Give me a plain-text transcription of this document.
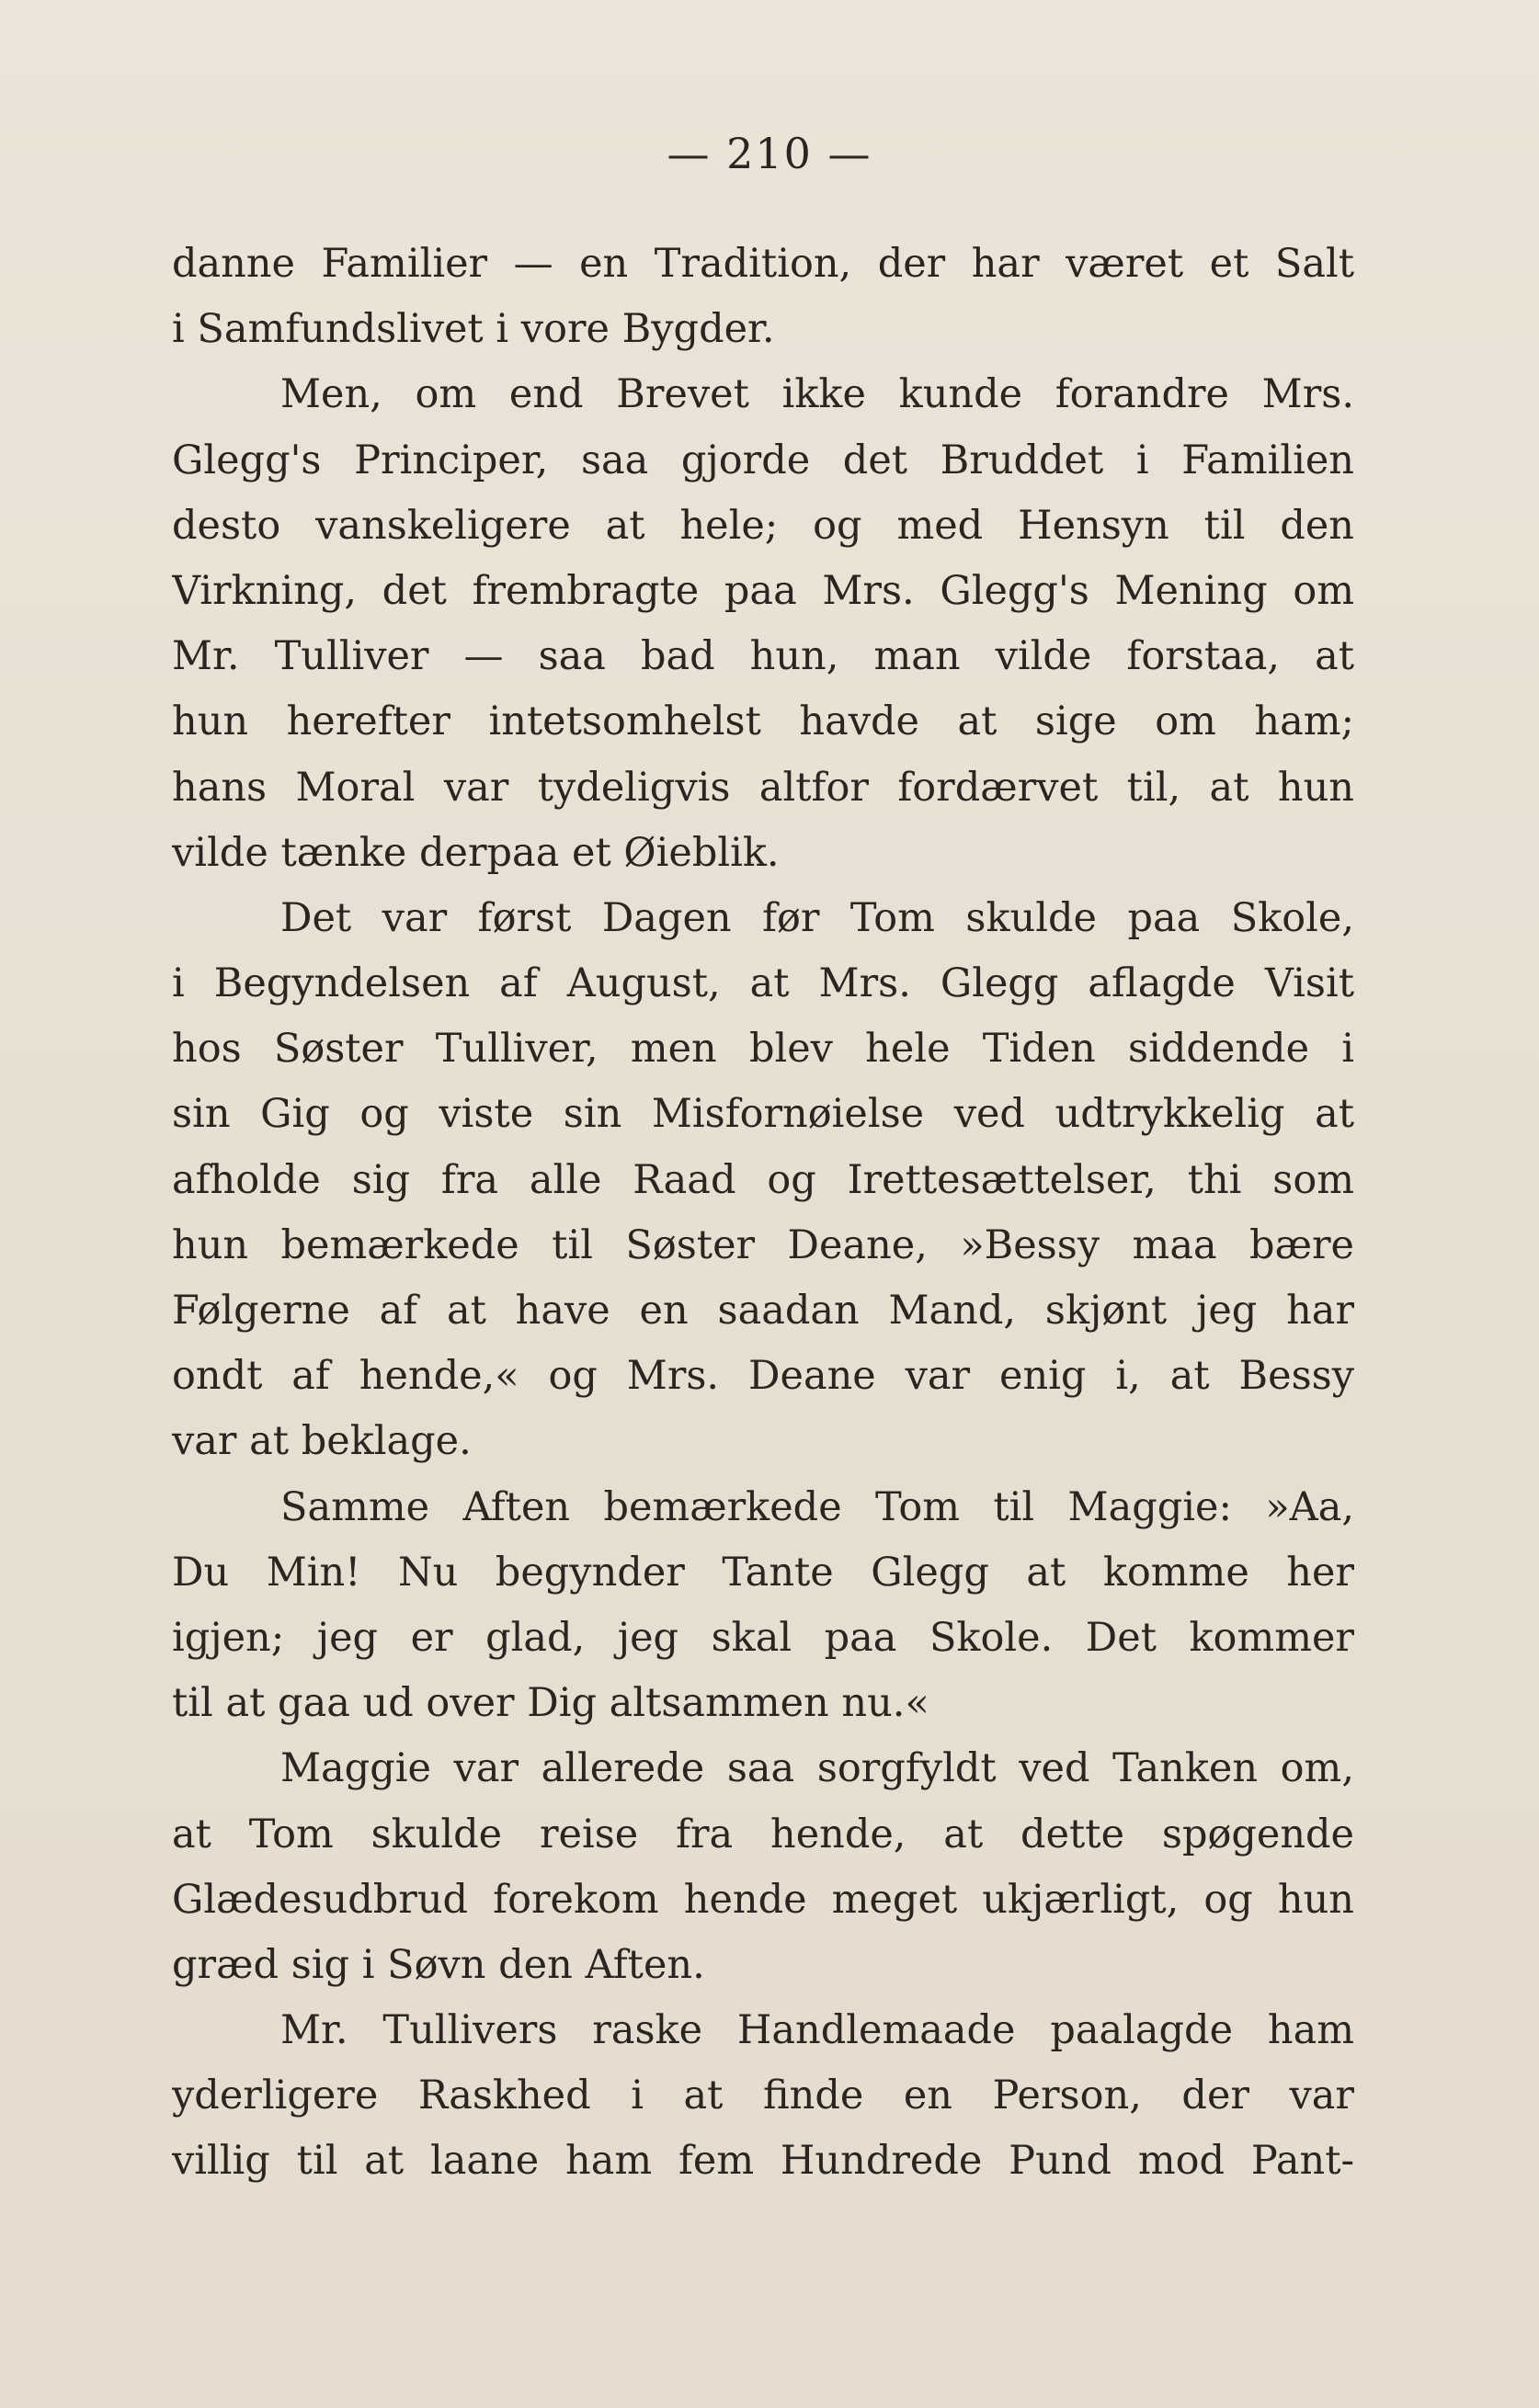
— 210 —
danne Familier — en Tradition, der har været et Salt
i Samfundslivet i vore Bygder.
Men, om end Brevet ikke kunde forandre Mrs.
Glegg's Principer, saa gjorde det Bruddet i Familien
desto vanskeligere at hele; og med Hensyn til den
Virkning, det frembragte paa Mrs. Glegg's Mening om
Mr. Tulliver — saa bad hun, man vilde forstaa, at
hun herefter intetsomhelst havde at sige om ham;
hans Moral var tydeligvis altfor fordærvet til, at hun
vilde tænke derpaa et Øieblik.
Det var først Dagen før Tom skulde paa Skole,
i Begyndelsen af August, at Mrs. Glegg aflagde Visit
hos Søster Tulliver, men blev hele Tiden siddende i
sin Gig og viste sin Misfornøielse ved udtrykkelig at
afholde sig fra alle Raad og Irettesættelser, thi som
hun bemærkede til Søster Deane, »Bessy maa bære
Følgerne af at have en saadan Mand, skjønt jeg har
ondt af hende,« og Mrs. Deane var enig i, at Bessy
var at beklage.
Samme Aften bemærkede Tom til Maggie: »Aa,
Du Min! Nu begynder Tante Glegg at komme her
igjen; jeg er glad, jeg skal paa Skole. Det kommer
til at gaa ud over Dig altsammen nu.«
Maggie var allerede saa sorgfyldt ved Tanken om,
at Tom skulde reise fra hende, at dette spøgende
Glædesudbrud forekom hende meget ukjærligt, og hun
græd sig i Søvn den Aften.
Mr. Tullivers raske Handlemaade paalagde ham
yderligere Raskhed i at finde en Person, der var
villig til at laane ham fem Hundrede Pund mod Pant-
